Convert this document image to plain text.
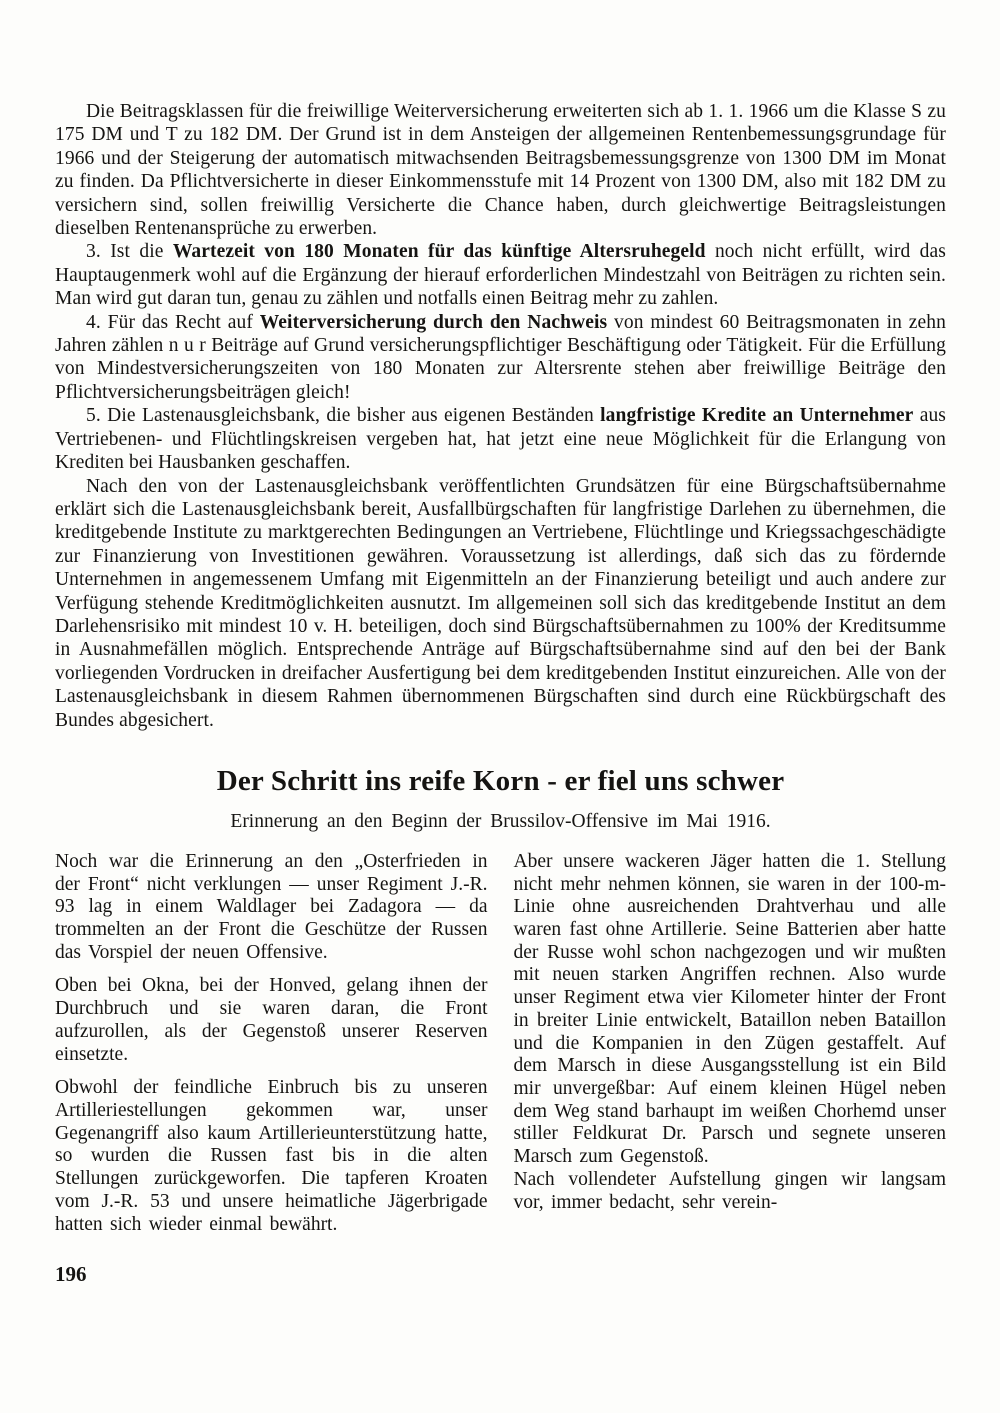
Die Beitragsklassen für die freiwillige Weiterversicherung erweiterten sich ab 1. 1. 1966 um die Klasse S zu 175 DM und T zu 182 DM. Der Grund ist in dem Ansteigen der allgemeinen Rentenbemessungsgrundage für 1966 und der Steigerung der automatisch mitwachsenden Beitragsbemessungsgrenze von 1300 DM im Monat zu finden. Da Pflichtversicherte in dieser Einkommensstufe mit 14 Prozent von 1300 DM, also mit 182 DM zu versichern sind, sollen freiwillig Versicherte die Chance haben, durch gleichwertige Beitragsleistungen dieselben Rentenansprüche zu erwerben.

3. Ist die Wartezeit von 180 Monaten für das künftige Altersruhegeld noch nicht erfüllt, wird das Hauptaugenmerk wohl auf die Ergänzung der hierauf erforderlichen Mindestzahl von Beiträgen zu richten sein. Man wird gut daran tun, genau zu zählen und notfalls einen Beitrag mehr zu zahlen.

4. Für das Recht auf Weiterversicherung durch den Nachweis von mindest 60 Beitragsmonaten in zehn Jahren zählen n u r Beiträge auf Grund versicherungspflichtiger Beschäftigung oder Tätigkeit. Für die Erfüllung von Mindestversicherungszeiten von 180 Monaten zur Altersrente stehen aber freiwillige Beiträge den Pflichtversicherungsbeiträgen gleich!

5. Die Lastenausgleichsbank, die bisher aus eigenen Beständen langfristige Kredite an Unternehmer aus Vertriebenen- und Flüchtlingskreisen vergeben hat, hat jetzt eine neue Möglichkeit für die Erlangung von Krediten bei Hausbanken geschaffen.

Nach den von der Lastenausgleichsbank veröffentlichten Grundsätzen für eine Bürgschaftsübernahme erklärt sich die Lastenausgleichsbank bereit, Ausfallbürgschaften für langfristige Darlehen zu übernehmen, die kreditgebende Institute zu marktgerechten Bedingungen an Vertriebene, Flüchtlinge und Kriegssachgeschädigte zur Finanzierung von Investitionen gewähren. Voraussetzung ist allerdings, daß sich das zu fördernde Unternehmen in angemessenem Umfang mit Eigenmitteln an der Finanzierung beteiligt und auch andere zur Verfügung stehende Kreditmöglichkeiten ausnutzt. Im allgemeinen soll sich das kreditgebende Institut an dem Darlehensrisiko mit mindest 10 v. H. beteiligen, doch sind Bürgschaftsübernahmen zu 100% der Kreditsumme in Ausnahmefällen möglich. Entsprechende Anträge auf Bürgschaftsübernahme sind auf den bei der Bank vorliegenden Vordrucken in dreifacher Ausfertigung bei dem kreditgebenden Institut einzureichen. Alle von der Lastenausgleichsbank in diesem Rahmen übernommenen Bürgschaften sind durch eine Rückbürgschaft des Bundes abgesichert.

Der Schritt ins reife Korn - er fiel uns schwer
Erinnerung an den Beginn der Brussilov-Offensive im Mai 1916.

Noch war die Erinnerung an den „Osterfrieden in der Front“ nicht verklungen — unser Regiment J.-R. 93 lag in einem Waldlager bei Zadagora — da trommelten an der Front die Geschütze der Russen das Vorspiel der neuen Offensive.

Oben bei Okna, bei der Honved, gelang ihnen der Durchbruch und sie waren daran, die Front aufzurollen, als der Gegenstoß unserer Reserven einsetzte.

Obwohl der feindliche Einbruch bis zu unseren Artilleriestellungen gekommen war, unser Gegenangriff also kaum Artillerieunterstützung hatte, so wurden die Russen fast bis in die alten Stellungen zurückgeworfen. Die tapferen Kroaten vom J.-R. 53 und unsere heimatliche Jägerbrigade hatten sich wieder einmal bewährt.

Aber unsere wackeren Jäger hatten die 1. Stellung nicht mehr nehmen können, sie waren in der 100-m-Linie ohne ausreichenden Drahtverhau und alle waren fast ohne Artillerie. Seine Batterien aber hatte der Russe wohl schon nachgezogen und wir mußten mit neuen starken Angriffen rechnen. Also wurde unser Regiment etwa vier Kilometer hinter der Front in breiter Linie entwickelt, Bataillon neben Bataillon und die Kompanien in den Zügen gestaffelt. Auf dem Marsch in diese Ausgangsstellung ist ein Bild mir unvergeßbar: Auf einem kleinen Hügel neben dem Weg stand barhaupt im weißen Chorhemd unser stiller Feldkurat Dr. Parsch und segnete unseren Marsch zum Gegenstoß.

Nach vollendeter Aufstellung gingen wir langsam vor, immer bedacht, sehr verein-

196
